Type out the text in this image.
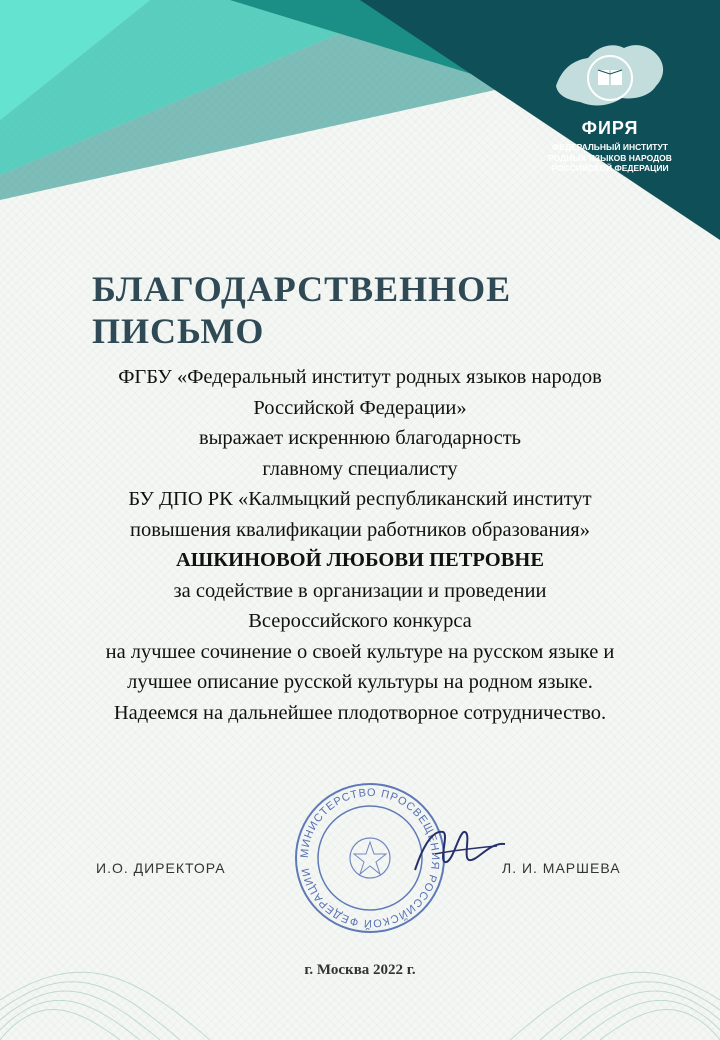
ФИРЯ
ФЕДЕРАЛЬНЫЙ ИНСТИТУТ
РОДНЫХ ЯЗЫКОВ НАРОДОВ
РОССИЙСКОЙ ФЕДЕРАЦИИ
БЛАГОДАРСТВЕННОЕ
ПИСЬМО
ФГБУ «Федеральный институт родных языков народов
Российской Федерации»
выражает искреннюю благодарность
главному специалисту
БУ ДПО РК «Калмыцкий республиканский институт
повышения квалификации работников образования»
АШКИНОВОЙ ЛЮБОВИ ПЕТРОВНЕ
за содействие в организации и проведении
Всероссийского конкурса
на лучшее сочинение о своей культуре на русском языке и
лучшее описание русской культуры на родном языке.
Надеемся на дальнейшее плодотворное сотрудничество.
МИНИСТЕРСТВО ПРОСВЕЩЕНИЯ РОССИЙСКОЙ ФЕДЕРАЦИИ
И.О. ДИРЕКТОРА	Л. И. МАРШЕВА
г. Москва 2022 г.
